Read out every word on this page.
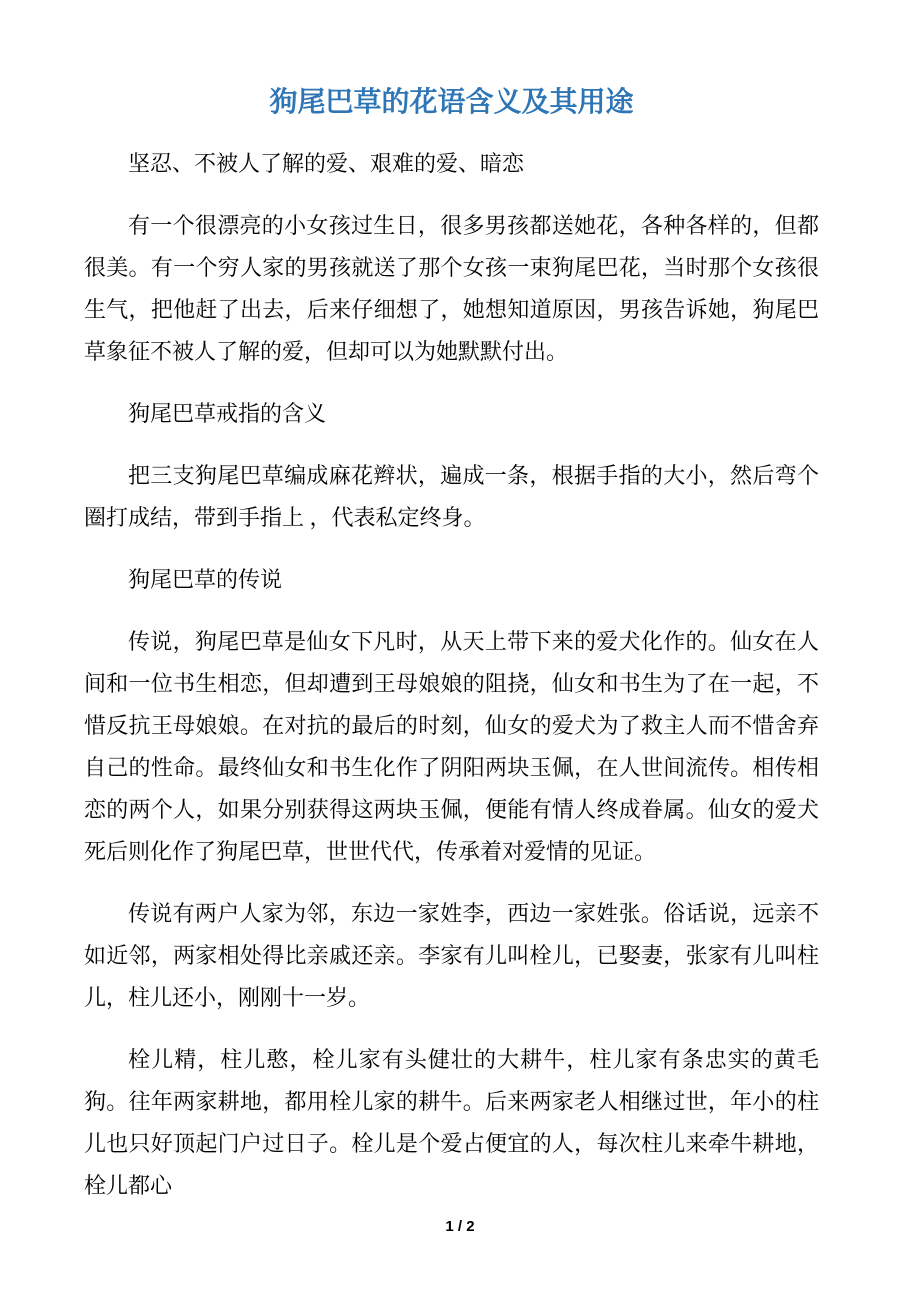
狗尾巴草的花语含义及其用途

坚忍、不被人了解的爱、艰难的爱、暗恋

有一个很漂亮的小女孩过生日，很多男孩都送她花，各种各样的，但都很美。有一个穷人家的男孩就送了那个女孩一束狗尾巴花，当时那个女孩很生气，把他赶了出去，后来仔细想了，她想知道原因，男孩告诉她，狗尾巴草象征不被人了解的爱，但却可以为她默默付出。

狗尾巴草戒指的含义

把三支狗尾巴草编成麻花辫状，遍成一条，根据手指的大小，然后弯个圈打成结，带到手指上 ，代表私定终身。

狗尾巴草的传说

传说，狗尾巴草是仙女下凡时，从天上带下来的爱犬化作的。仙女在人间和一位书生相恋，但却遭到王母娘娘的阻挠，仙女和书生为了在一起，不惜反抗王母娘娘。在对抗的最后的时刻，仙女的爱犬为了救主人而不惜舍弃自己的性命。最终仙女和书生化作了阴阳两块玉佩，在人世间流传。相传相恋的两个人，如果分别获得这两块玉佩，便能有情人终成眷属。仙女的爱犬死后则化作了狗尾巴草，世世代代，传承着对爱情的见证。

传说有两户人家为邻，东边一家姓李，西边一家姓张。俗话说，远亲不如近邻，两家相处得比亲戚还亲。李家有儿叫栓儿，已娶妻，张家有儿叫柱儿，柱儿还小，刚刚十一岁。

栓儿精，柱儿憨，栓儿家有头健壮的大耕牛，柱儿家有条忠实的黄毛狗。往年两家耕地，都用栓儿家的耕牛。后来两家老人相继过世，年小的柱儿也只好顶起门户过日子。栓儿是个爱占便宜的人，每次柱儿来牵牛耕地，栓儿都心

1 / 2
